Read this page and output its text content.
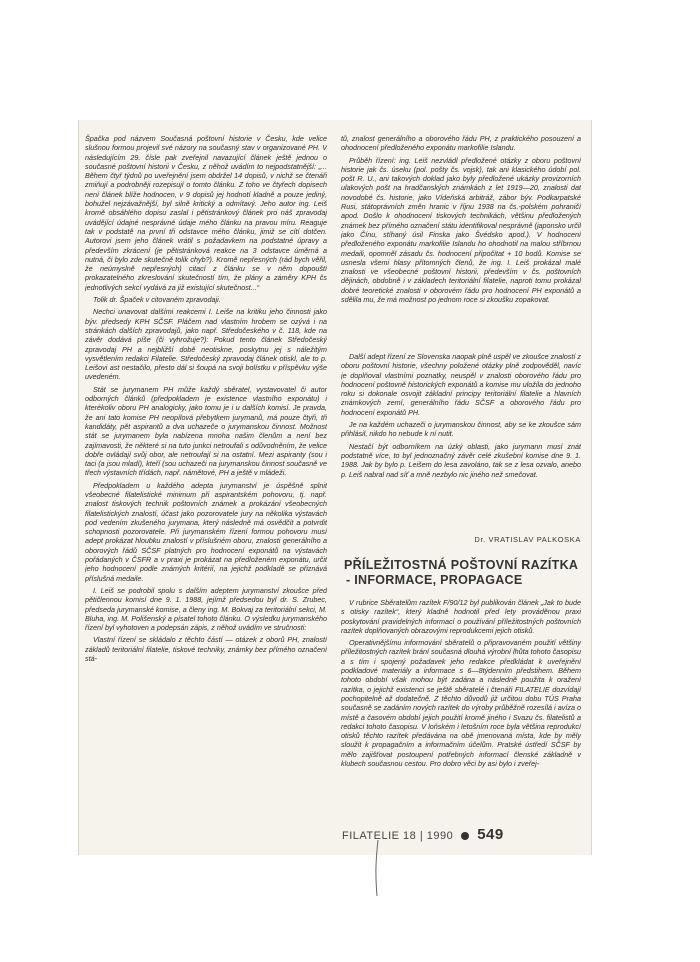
Špačka pod názvem Současná poštovní historie v Česku, kde velice slušnou formou projevil své názory na současný stav v organizované PH. V následujícím 29. čísle pak zveřejnil navazující článek ještě jednou o současné poštovní historii v Česku, z něhož uvádím to nejpodstatnější: „... Během čtyř týdnů po uveřejnění jsem obdržel 14 dopisů, v nichž se čtenáři zmiňují a podrobněji rozepisují o tomto článku. Z toho ve čtyřech dopisech není článek blíže hodnocen, v 9 dopisů jej hodnotí kladně a pouze jediný, bohužel nejzávažnější, byl silně kritický a odmítavý. Jeho autor ing. Leiš kromě obsáhlého dopisu zaslal i pětistránkový článek pro náš zpravodaj uvádějící údajné nesprávné údaje mého článku na pravou míru. Reaguje tak v podstatě na první tři odstavce mého článku, jimiž se cítí dotčen. Autorovi jsem jeho článek vrátil s požadavkem na podstatné úpravy a především zkrácení (je pětistránková reakce na 3 odstavce úměrná a nutná, či bylo zde skutečně tolik chyb?). Kromě nepřesných (rád bych věřil, že neúmyslně nepřesných) citací z článku se v něm dopouští prokazatelného zkreslování skutečností tím, že plány a záměry KPH čs jednotlivých sekcí vydává za již existující skutečnost...“

Tolik dr. Špaček v citovaném zpravodaji.

Nechci unavovat dalšími reakcemi I. Leiše na kritiku jeho činnosti jako býv. předsedy KPH SČSF. Pláčem nad vlastním hrobem se ozývá i na stránkách dalších zpravodajů, jako např. Středočeského v č. 118, kde na závěr dodává píše (či vyhrožuje?): Pokud tento článek Středočeský zpravodaj PH a nejbližší době neotiskne, poskytnu jej s náležitým vysvětlením redakci Filatelie. Středočeský zpravodaj článek otiskl, ale to p. Leišovi ast nestačilo, přesto dál si šoupá na svoji bolístku v příspěvku výše uvedeném.

Stát se jurymanem PH může každý sběratel, vystavovatel či autor odborných článků (předpokladem je existence vlastního exponátu) i kterékoliv oboru PH analogicky, jako tomu je i u dalších komisí. Je pravda, že ani tato komise PH neopílová přebytkem jurymanů, má pouze čtyři, tři kandidáty, pět aspirantů a dva uchazeče o jurymanskou činnost. Možnost stát se jurymanem byla nabízena mnoha našim členům a není bez zajímavosti, že některé si na tuto junkci netroufali s odůvodněním, že velice dobře ovládají svůj obor, ale netroufají si na ostatní. Mezi aspiranty (sou i taci (a jsou mladí), kteří (sou uchazeči na jurymanskou činnost současně ve třech výstavních třídách, např. námětové, PH a ještě v mládeži.

Předpokladem u každého adepta jurymanství je úspěšně splnit všeobecné filatelistické minimum při aspirantském pohovoru, tj. např. znalost tiskových technik poštovních známek a prokázání všeobecných filatelistických znalostí, účast jako pozorovatele jury na několika výstavách pod vedením zkušeného jurymana, který následně má osvědčit a potvrdit schopnosti pozorovatele. Při jurymanském řízení formou pohovoru musí adept prokázat hloubku znalostí v příslušném oboru, znalosti generálního a oborových řádů SČSF platných pro hodnocení exponátů na výstavách pořádaných v ČSFR a v praxi je prokázat na předloženém exponátu, určit jeho hodnocení podle známých kritérií, na jejichž podkladě se přiznává příslušná medaile.

I. Leiš se podrobil spolu s dalším adeptem jurymanství zkoušce před pětičlennou komisí dne 9. 1. 1988, jejímž předsedou byl dr. S. Zrubec, předseda jurymanské komise, a členy ing. M. Bokvaj za teritoriální sekci, M. Bluha, ing. M. Polišenský a písatel tohoto článku. O výsledku jurymanského řízení byl vyhotoven a podepsán zápis, z něhož uvádím ve stručnosti:

Vlastní řízení se skládalo z těchto částí — otázek z oborů PH, znalostí základů teritoriální filatelie, tiskové techniky, známky bez přímého označení stá-

tů, znalost generálního a oborového řádu PH, z praktického posouzení a ohodnocení předloženého exponátu markofilie Islandu.

Průběh řízení: ing. Leiš nezvládl předložené otázky z oboru poštovní historie jak čs. úseku (pol. pošty čs. vojsk), tak ani klasického údobí pol. pošt R. U., ani takových doklad jako byly předložené ukázky provizorních ulakových pošt na hradčanských známkách z let 1919—20, znalosti dat novodobé čs. historie, jako Vídeňská arbitráž, zábor býv. Podkarpatské Rusi, státoprávních změn hranic v říjnu 1938 na čs.-polském pohraničí apod. Došlo k ohodnocení tiskových technikách, většinu předložených známek bez přímého označení státu identifikoval nesprávně (japonsko určil jako Čínu, stíhaný úsil Finska jako Švédsko apod.). V hodnocení předloženého exponátu markofilie Islandu ho ohodnotil na malou stříbrnou medaili, opomněl zásadu čs. hodnocení připočítat + 10 bodů. Komise se usnesla všemi hlasy přítomných členů, že ing. I. Leiš prokázal malé znalosti ve všeobecné poštovní historii, především v čs. poštovních dějinách, obdobně i v základech teritoriální filatelie, naproti tomu prokázal dobré teoretické znalosti v oborovém řádu pro hodnocení PH exponátů a sdělila mu, že má možnost po jednom roce si zkoušku zopakovat.

Další adept řízení ze Slovenska naopak plně uspěl ve zkoušce znalostí z oboru poštovní historie, všechny položené otázky plně zodpověděl, navíc je doplňoval vlastními poznatky, neuspěl v znalosti oborového řádu pro hodnocení poštovně historických exponátů a komise mu uložila do jednoho roku si dokonale osvojit základní principy teritoriální filatelie a hlavních známkových zemí, generálního řádu SČSF a oborového řádu pro hodnocení exponátů PH.

Je na každém uchazeči o jurymanskou činnost, aby se ke zkoušce sám přihlásil, nikdo ho nebude k ní nutit.

Nestačí být odborníkem na úzký oblasti, jako jurymann musí znát podstatně více, to byl jednoznačný závěr celé zkušební komise dne 9. 1. 1988. Jak by bylo p. Leišem do lesa zavoláno, tak se z lesa ozvalo, anebo p. Leiš nabral nad síť a mně nezbylo nic jiného než smečovat.

Dr. VRATISLAV PALKOSKA
PŘÍLEŽITOSTNÁ POŠTOVNÍ RAZÍTKA
- INFORMACE, PROPAGACE

V rubrice Sběratelům razítek F/90/12 byl publikován článek „Jak to bude s otisky razítek“, který kladně hodnotil před lety prováděnou praxi poskytování pravidelných informací o používání příležitostných poštovních razítek doplňovaných obrazovými reprodukcemi jejich otisků.

Operativnějšímu informování sběratelů o připravovaném použití většiny příležitostných razítek brání současná dlouhá výrobní lhůta tohoto časopisu a s tím i spojený požadavek jeho redakce předkládat k uveřejnění podkladové materiály a informace s 6—8týdenním předstihem. Během tohoto období však mohou být zadána a následně použita k oražení razítka, o jejichž existenci se ještě sběratelé i čtenáři FILATELIE dozvídají pochopitelně až dodatečně. Z těchto důvodů již určitou dobu TÚS Praha současně se zadáním nových razítek do výroby průběžně rozesílá i avíza o místě a časovém období jejich použití kromě jiného i Svazu čs. filatelistů a redakci tohoto časopisu. V loňském i letošním roce byla většina reprodukcí otisků těchto razítek předávána na obě jmenovaná místa, kde by měly sloužit k propagačním a informačním účelům. Pratské ústředí SČSF by mělo zajišťovat postoupení potřebných informací členské základně v klubech současnou cestou. Pro dobro věci by asi bylo i zveřej-

FILATELIE 18 | 1990 549
